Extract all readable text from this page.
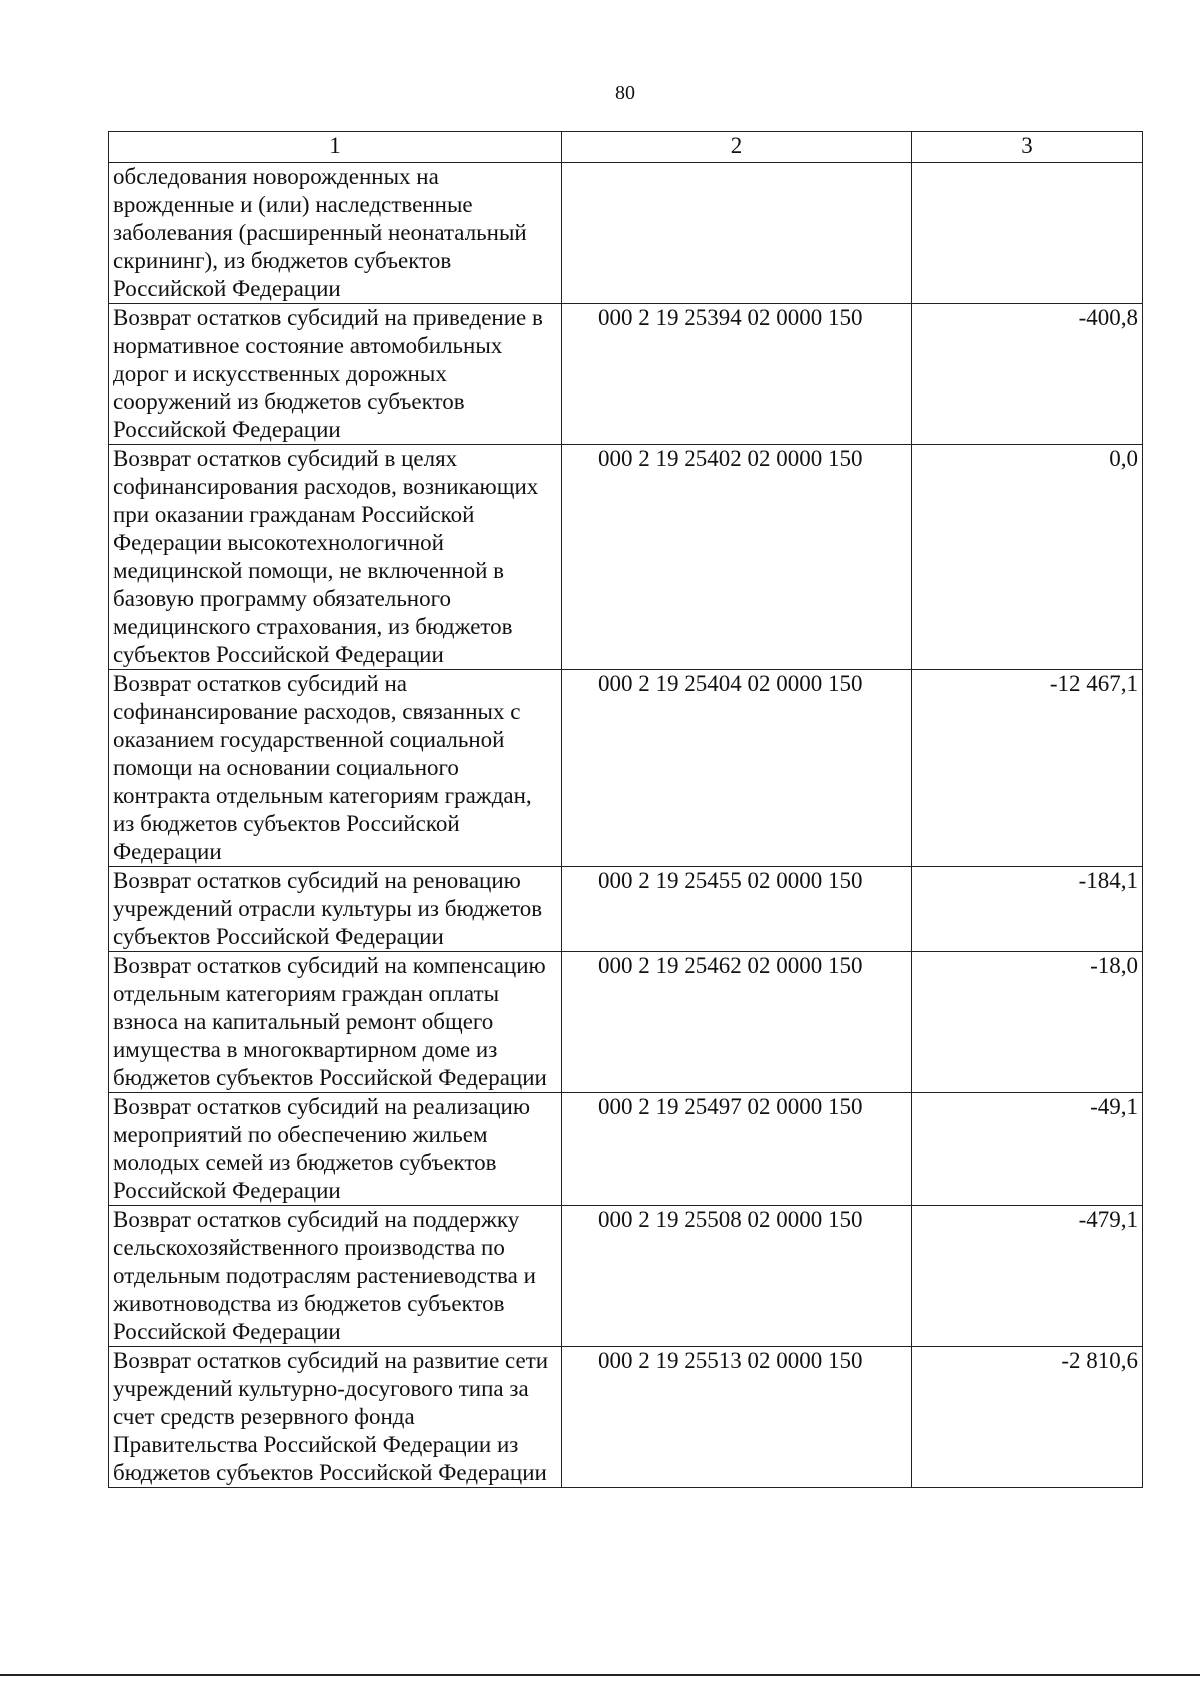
80
1	2	3
обследования новорожденных на врожденные и (или) наследственные заболевания (расширенный неонатальный скрининг), из бюджетов субъектов Российской Федерации		
Возврат остатков субсидий на приведение в нормативное состояние автомобильных дорог и искусственных дорожных сооружений из бюджетов субъектов Российской Федерации	000 2 19 25394 02 0000 150	-400,8
Возврат остатков субсидий в целях софинансирования расходов, возникающих при оказании гражданам Российской Федерации высокотехнологичной медицинской помощи, не включенной в базовую программу обязательного медицинского страхования, из бюджетов субъектов Российской Федерации	000 2 19 25402 02 0000 150	0,0
Возврат остатков субсидий на софинансирование расходов, связанных с оказанием государственной социальной помощи на основании социального контракта отдельным категориям граждан, из бюджетов субъектов Российской Федерации	000 2 19 25404 02 0000 150	-12 467,1
Возврат остатков субсидий на реновацию учреждений отрасли культуры из бюджетов субъектов Российской Федерации	000 2 19 25455 02 0000 150	-184,1
Возврат остатков субсидий на компенсацию отдельным категориям граждан оплаты взноса на капитальный ремонт общего имущества в многоквартирном доме из бюджетов субъектов Российской Федерации	000 2 19 25462 02 0000 150	-18,0
Возврат остатков субсидий на реализацию мероприятий по обеспечению жильем молодых семей из бюджетов субъектов Российской Федерации	000 2 19 25497 02 0000 150	-49,1
Возврат остатков субсидий на поддержку сельскохозяйственного производства по отдельным подотраслям растениеводства и животноводства из бюджетов субъектов Российской Федерации	000 2 19 25508 02 0000 150	-479,1
Возврат остатков субсидий на развитие сети учреждений культурно-досугового типа за счет средств резервного фонда Правительства Российской Федерации из бюджетов субъектов Российской Федерации	000 2 19 25513 02 0000 150	-2 810,6
